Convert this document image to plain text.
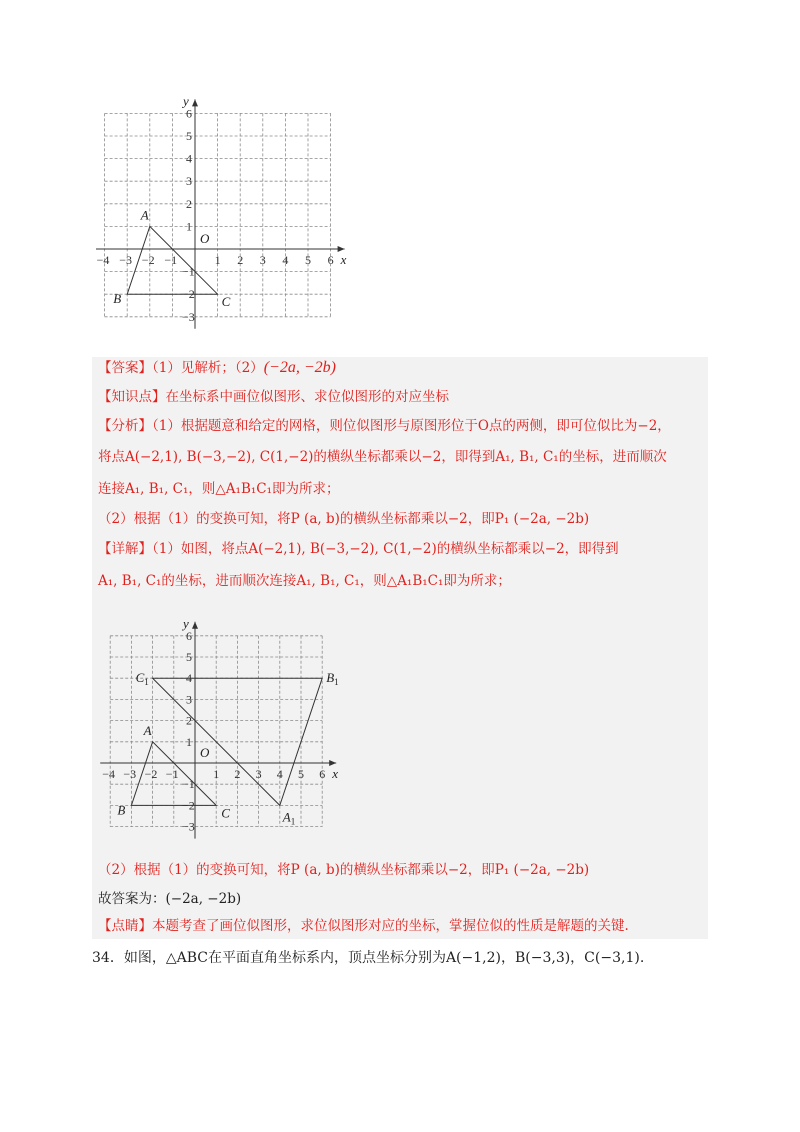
x
y
O
−4 −3 −2 −1	1 2 3 4 5 6
6
5
4
3
2
1
−1
−2
−3
A
B	C
【答案】（1）见解析；（2）(−2a, −2b)
【知识点】在坐标系中画位似图形、求位似图形的对应坐标
【分析】（1）根据题意和给定的网格，则位似图形与原图形位于O点的两侧，即可位似比为−2，
将点A(−2,1), B(−3,−2), C(1,−2)的横纵坐标都乘以−2，即得到A₁, B₁, C₁的坐标，进而顺次
连接A₁, B₁, C₁，则△A₁B₁C₁即为所求；
（2）根据（1）的变换可知，将P (a, b)的横纵坐标都乘以−2，即P₁ (−2a, −2b)
【详解】（1）如图，将点A(−2,1), B(−3,−2), C(1,−2)的横纵坐标都乘以−2，即得到
A₁, B₁, C₁的坐标，进而顺次连接A₁, B₁, C₁，则△A₁B₁C₁即为所求；
x
y
O
−4 −3 −2 −1	1 2 3 4 5 6
6
5
4
3
2
1
−1
−2
−3
A
B	C	$A_1$
$B_1$
$C_1$
（2）根据（1）的变换可知，将P (a, b)的横纵坐标都乘以−2，即P₁ (−2a, −2b)
故答案为：(−2a, −2b)
【点睛】本题考查了画位似图形，求位似图形对应的坐标，掌握位似的性质是解题的关键.
34．如图，△ABC在平面直角坐标系内，顶点坐标分别为A(−1,2)，B(−3,3)，C(−3,1).
